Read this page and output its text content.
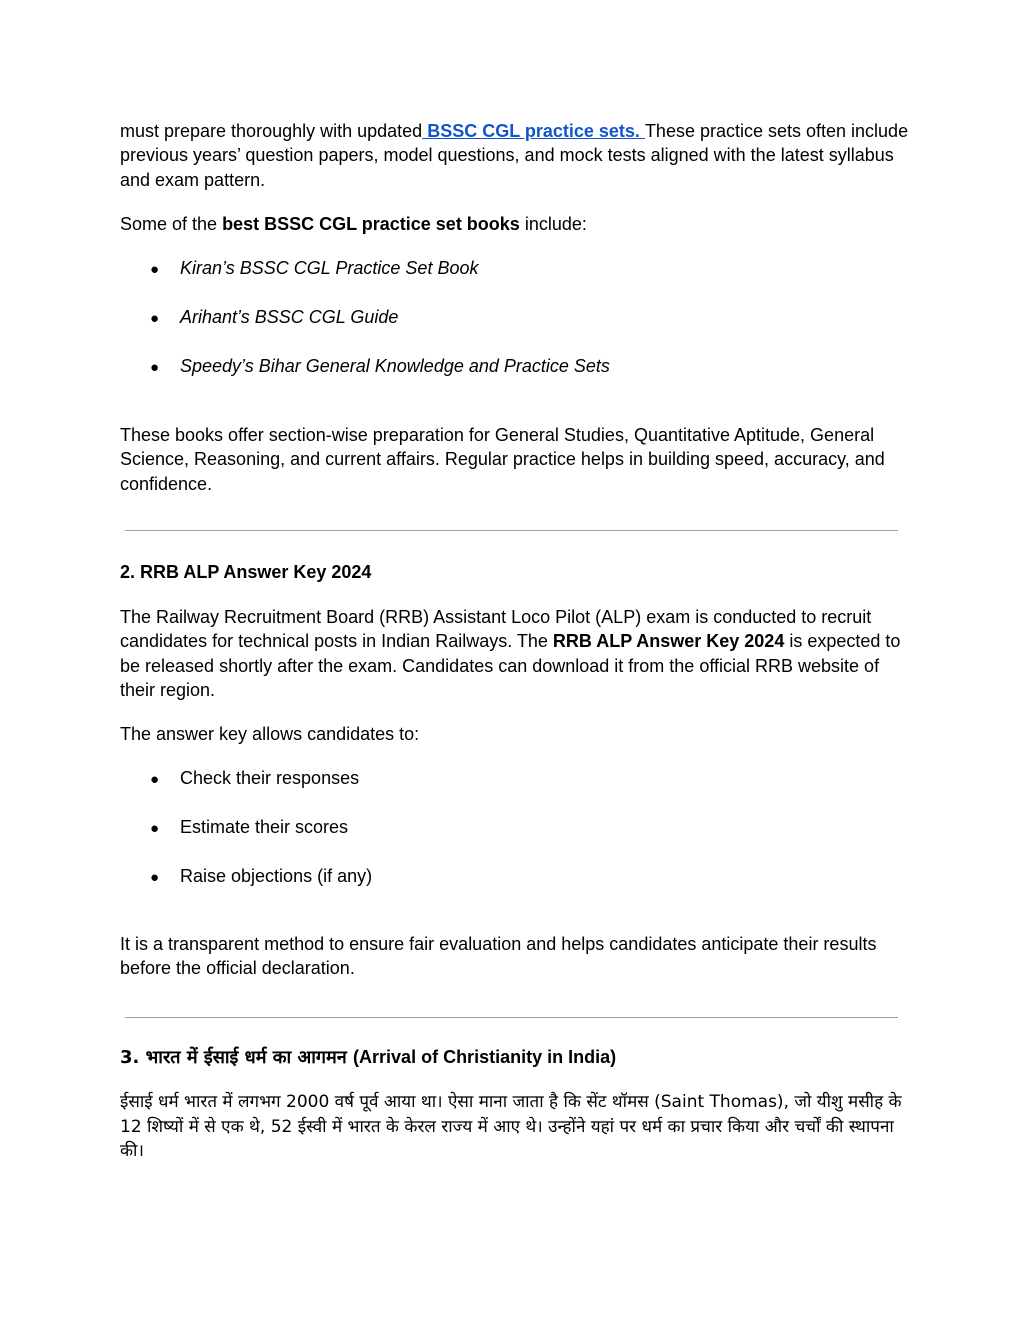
must prepare thoroughly with updated BSSC CGL practice sets. These practice sets often include previous years’ question papers, model questions, and mock tests aligned with the latest syllabus and exam pattern.

Some of the best BSSC CGL practice set books include:

●	Kiran’s BSSC CGL Practice Set Book
●	Arihant’s BSSC CGL Guide
●	Speedy’s Bihar General Knowledge and Practice Sets

These books offer section-wise preparation for General Studies, Quantitative Aptitude, General Science, Reasoning, and current affairs. Regular practice helps in building speed, accuracy, and confidence.

2. RRB ALP Answer Key 2024

The Railway Recruitment Board (RRB) Assistant Loco Pilot (ALP) exam is conducted to recruit candidates for technical posts in Indian Railways. The RRB ALP Answer Key 2024 is expected to be released shortly after the exam. Candidates can download it from the official RRB website of their region.

The answer key allows candidates to:

●	Check their responses
●	Estimate their scores
●	Raise objections (if any)

It is a transparent method to ensure fair evaluation and helps candidates anticipate their results before the official declaration.

3. भारत में ईसाई धर्म का आगमन (Arrival of Christianity in India)

ईसाई धर्म भारत में लगभग 2000 वर्ष पूर्व आया था। ऐसा माना जाता है कि सेंट थॉमस (Saint Thomas), जो यीशु मसीह के 12 शिष्यों में से एक थे, 52 ईस्वी में भारत के केरल राज्य में आए थे। उन्होंने यहां पर धर्म का प्रचार किया और चर्चों की स्थापना की।
